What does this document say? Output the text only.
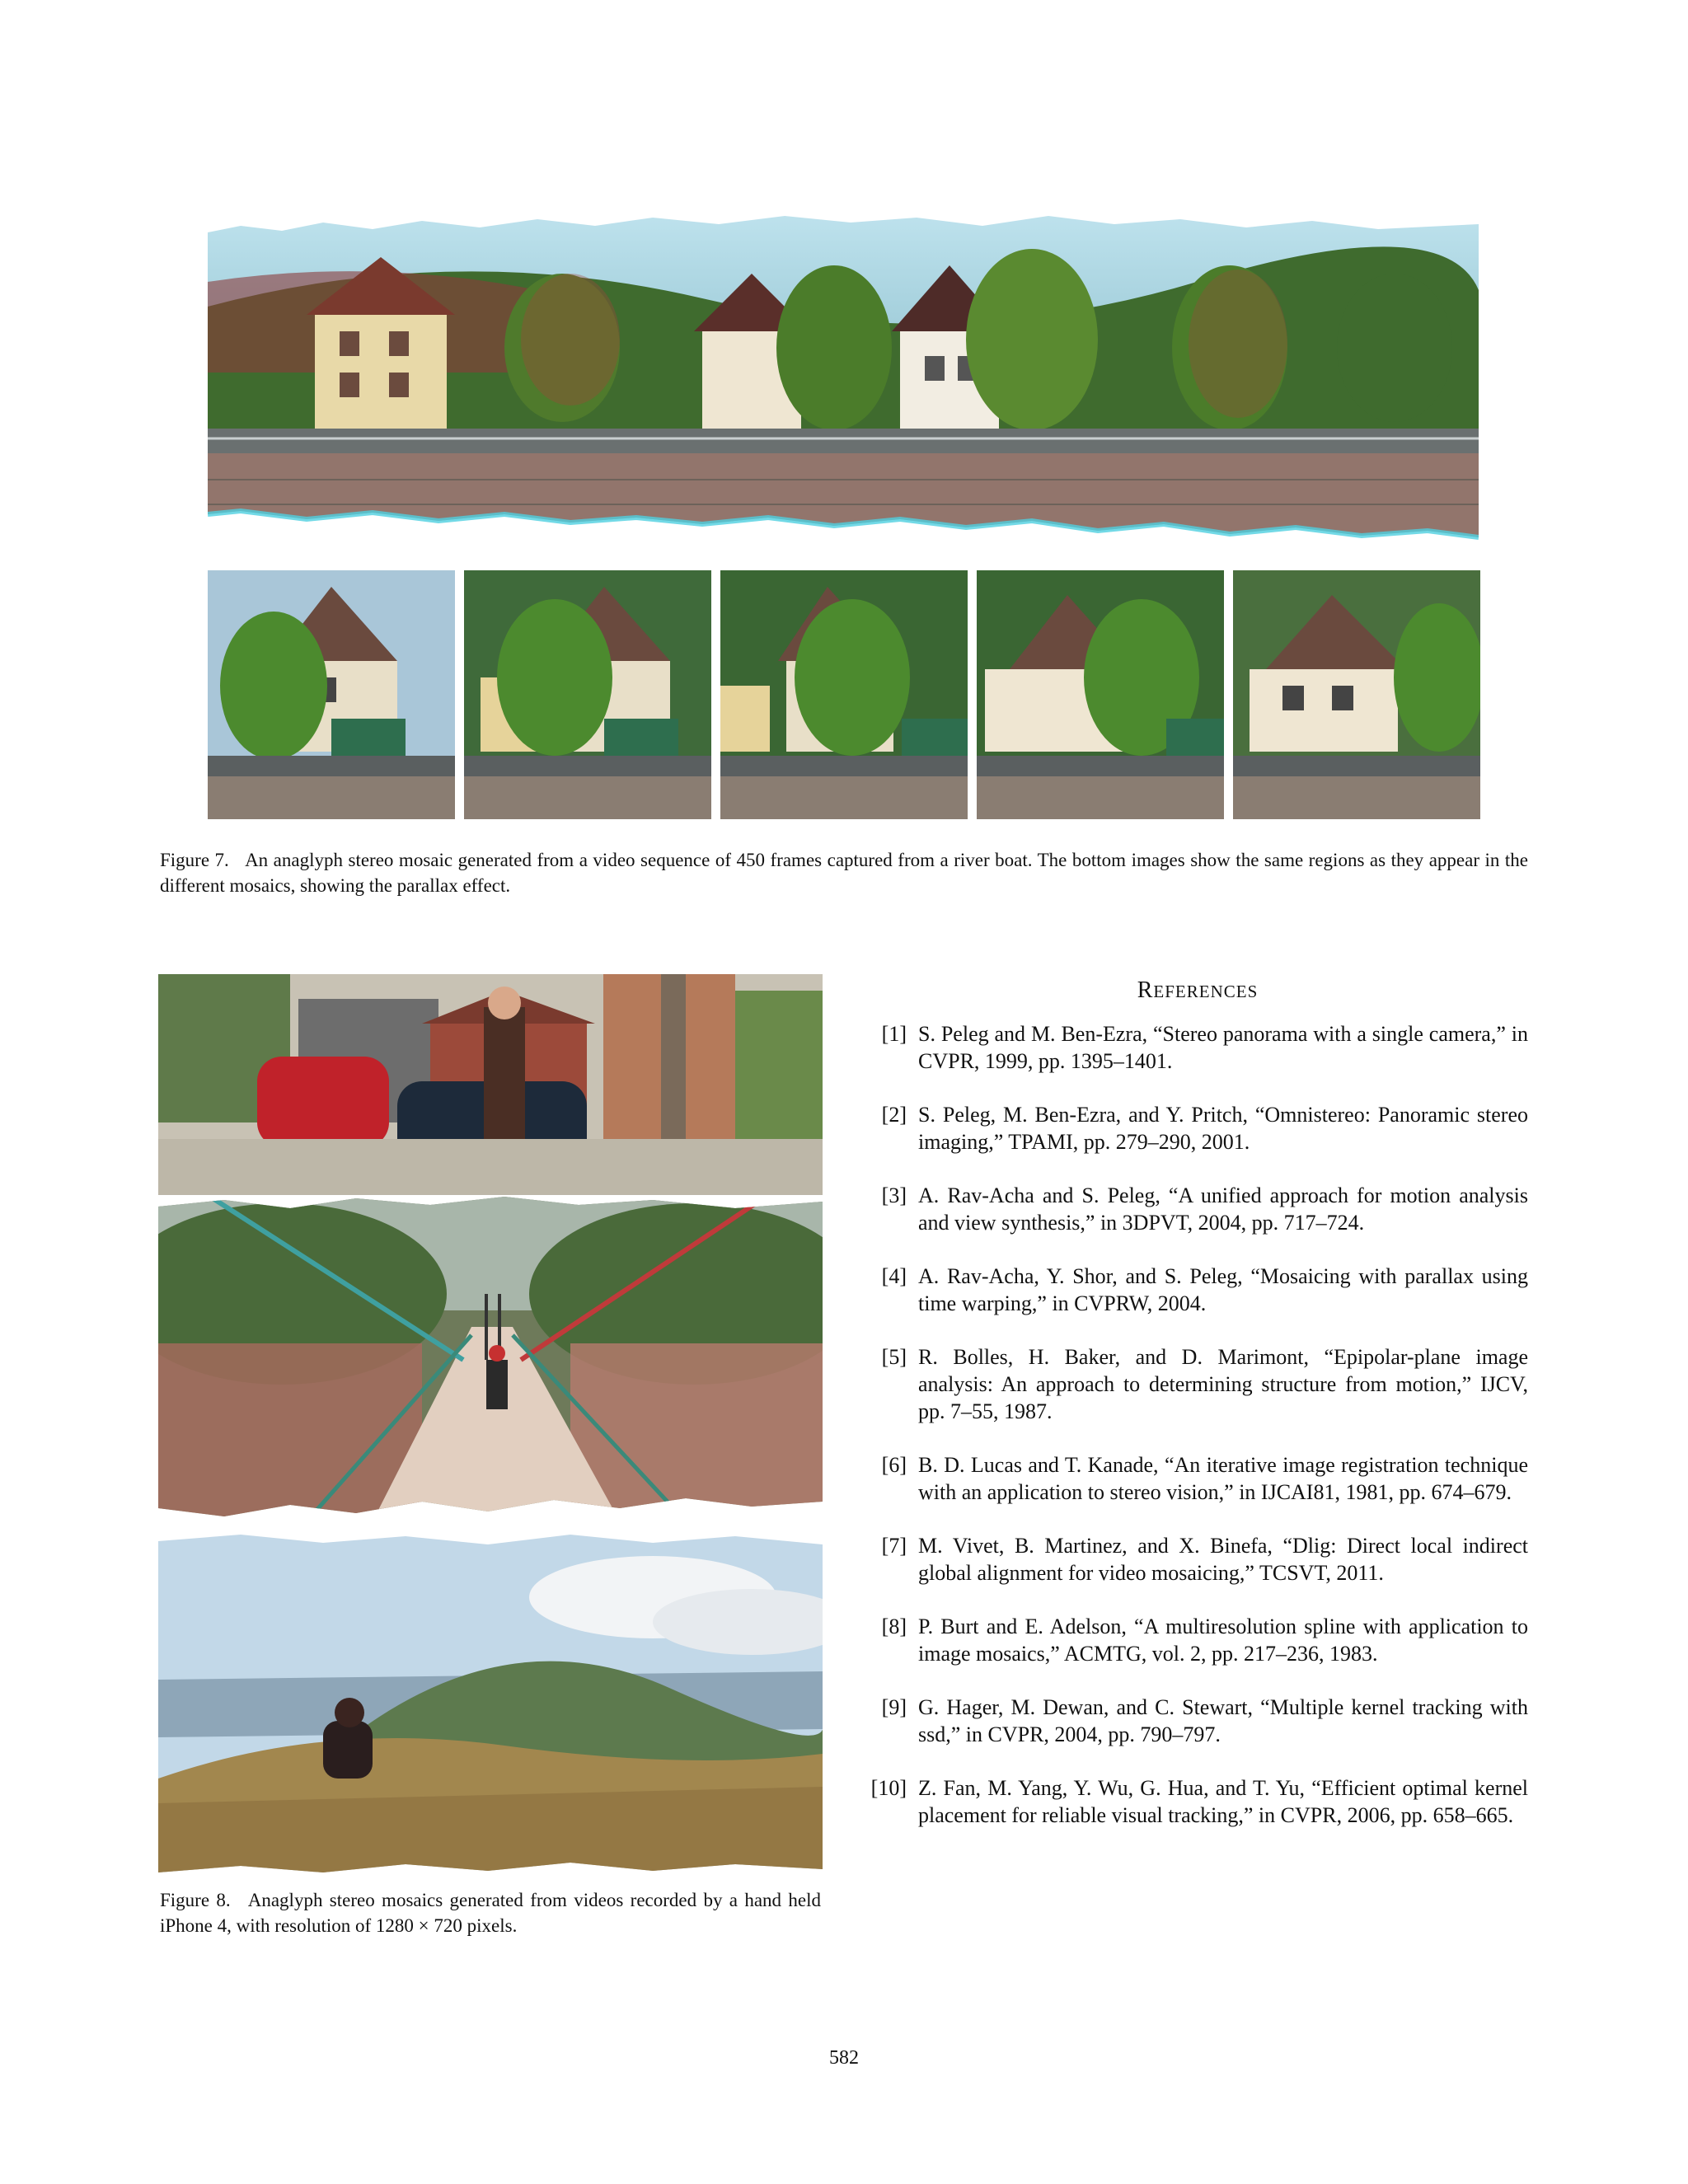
Figure 7. An anaglyph stereo mosaic generated from a video sequence of 450 frames captured from a river boat. The bottom images show the same regions as they appear in the different mosaics, showing the parallax effect.
Figure 8. Anaglyph stereo mosaics generated from videos recorded by a hand held iPhone 4, with resolution of 1280 × 720 pixels.
REFERENCES
[1] S. Peleg and M. Ben-Ezra, “Stereo panorama with a single camera,” in CVPR, 1999, pp. 1395–1401.
[2] S. Peleg, M. Ben-Ezra, and Y. Pritch, “Omnistereo: Panoramic stereo imaging,” TPAMI, pp. 279–290, 2001.
[3] A. Rav-Acha and S. Peleg, “A unified approach for motion analysis and view synthesis,” in 3DPVT, 2004, pp. 717–724.
[4] A. Rav-Acha, Y. Shor, and S. Peleg, “Mosaicing with parallax using time warping,” in CVPRW, 2004.
[5] R. Bolles, H. Baker, and D. Marimont, “Epipolar-plane image analysis: An approach to determining structure from motion,” IJCV, pp. 7–55, 1987.
[6] B. D. Lucas and T. Kanade, “An iterative image registration technique with an application to stereo vision,” in IJCAI81, 1981, pp. 674–679.
[7] M. Vivet, B. Martinez, and X. Binefa, “Dlig: Direct local indirect global alignment for video mosaicing,” TCSVT, 2011.
[8] P. Burt and E. Adelson, “A multiresolution spline with application to image mosaics,” ACMTG, vol. 2, pp. 217–236, 1983.
[9] G. Hager, M. Dewan, and C. Stewart, “Multiple kernel tracking with ssd,” in CVPR, 2004, pp. 790–797.
[10] Z. Fan, M. Yang, Y. Wu, G. Hua, and T. Yu, “Efficient optimal kernel placement for reliable visual tracking,” in CVPR, 2006, pp. 658–665.
582
